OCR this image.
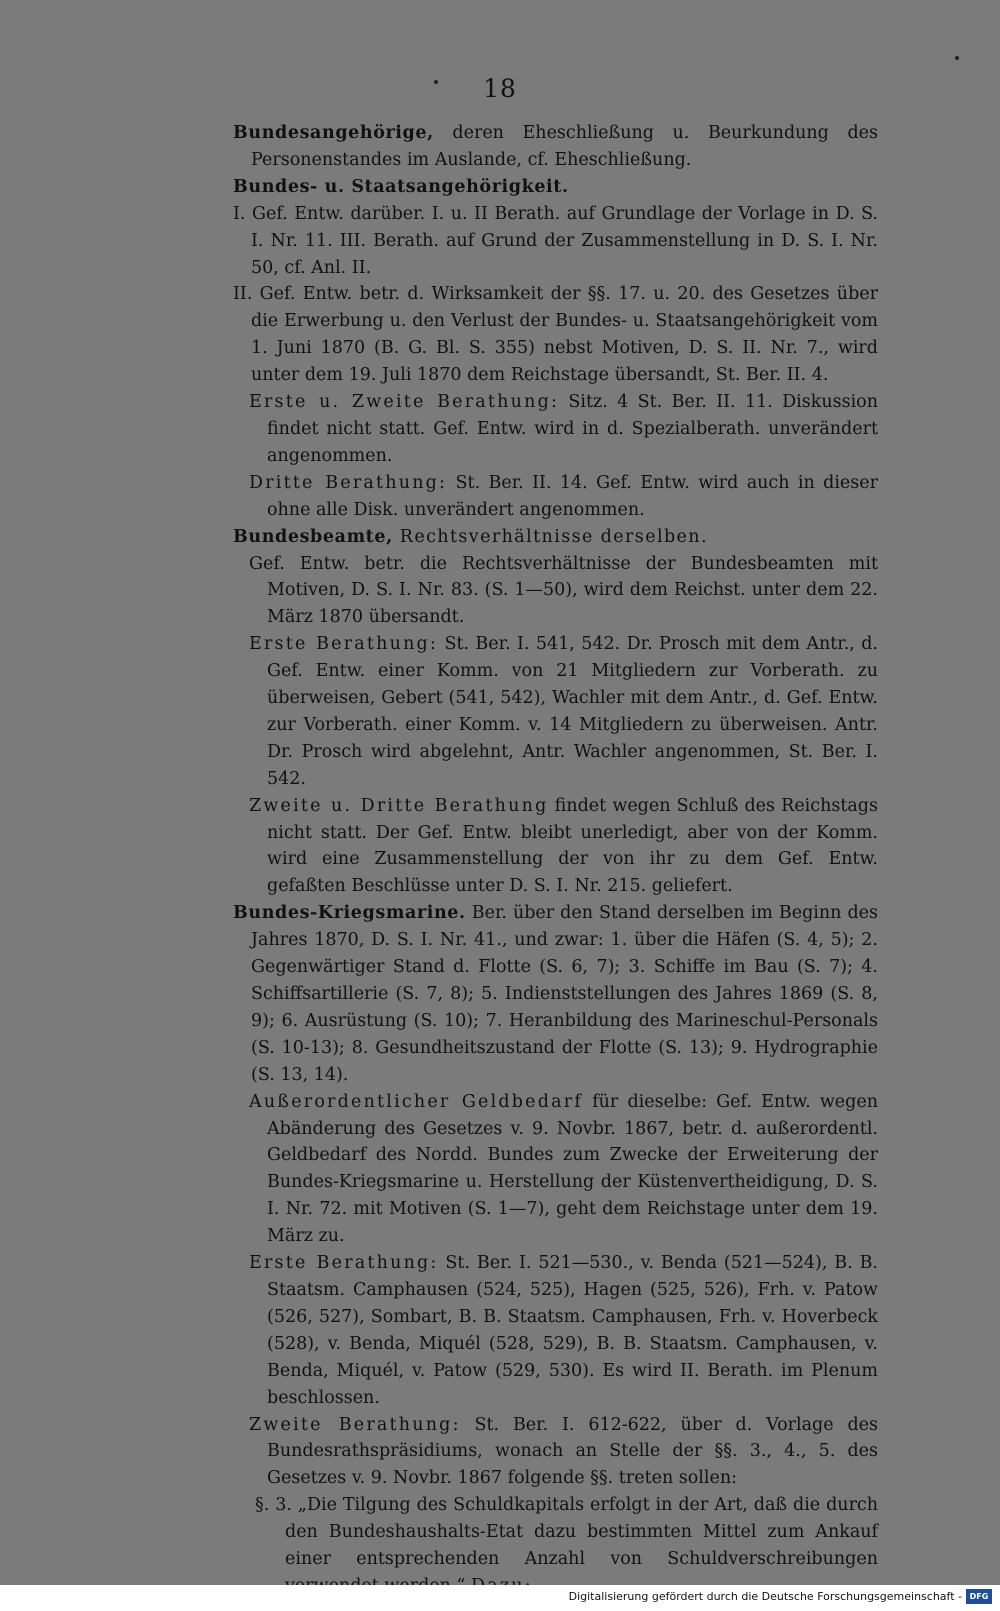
18

Bundesangehörige, deren Eheschließung u. Beurkundung des Personenstandes im Auslande, cf. Eheschließung.

Bundes- u. Staatsangehörigkeit.

I. Gef. Entw. darüber. I. u. II Berath. auf Grundlage der Vorlage in D. S. I. Nr. 11. III. Berath. auf Grund der Zusammenstellung in D. S. I. Nr. 50, cf. Anl. II.

II. Gef. Entw. betr. d. Wirksamkeit der §§. 17. u. 20. des Gesetzes über die Erwerbung u. den Verlust der Bundes- u. Staatsangehörigkeit vom 1. Juni 1870 (B. G. Bl. S. 355) nebst Motiven, D. S. II. Nr. 7., wird unter dem 19. Juli 1870 dem Reichstage übersandt, St. Ber. II. 4.

Erste u. Zweite Berathung: Sitz. 4 St. Ber. II. 11. Diskussion findet nicht statt. Gef. Entw. wird in d. Spezialberath. unverändert angenommen.

Dritte Berathung: St. Ber. II. 14. Gef. Entw. wird auch in dieser ohne alle Disk. unverändert angenommen.

Bundesbeamte, Rechtsverhältnisse derselben.

Gef. Entw. betr. die Rechtsverhältnisse der Bundesbeamten mit Motiven, D. S. I. Nr. 83. (S. 1—50), wird dem Reichst. unter dem 22. März 1870 übersandt.

Erste Berathung: St. Ber. I. 541, 542. Dr. Prosch mit dem Antr., d. Gef. Entw. einer Komm. von 21 Mitgliedern zur Vorberath. zu überweisen, Gebert (541, 542), Wachler mit dem Antr., d. Gef. Entw. zur Vorberath. einer Komm. v. 14 Mitgliedern zu überweisen. Antr. Dr. Prosch wird abgelehnt, Antr. Wachler angenommen, St. Ber. I. 542.

Zweite u. Dritte Berathung findet wegen Schluß des Reichstags nicht statt. Der Gef. Entw. bleibt unerledigt, aber von der Komm. wird eine Zusammenstellung der von ihr zu dem Gef. Entw. gefaßten Beschlüsse unter D. S. I. Nr. 215. geliefert.

Bundes-Kriegsmarine. Ber. über den Stand derselben im Beginn des Jahres 1870, D. S. I. Nr. 41., und zwar: 1. über die Häfen (S. 4, 5); 2. Gegenwärtiger Stand d. Flotte (S. 6, 7); 3. Schiffe im Bau (S. 7); 4. Schiffsartillerie (S. 7, 8); 5. Indienststellungen des Jahres 1869 (S. 8, 9); 6. Ausrüstung (S. 10); 7. Heranbildung des Marineschul-Personals (S. 10-13); 8. Gesundheitszustand der Flotte (S. 13); 9. Hydrographie (S. 13, 14).

Außerordentlicher Geldbedarf für dieselbe: Gef. Entw. wegen Abänderung des Gesetzes v. 9. Novbr. 1867, betr. d. außerordentl. Geldbedarf des Nordd. Bundes zum Zwecke der Erweiterung der Bundes-Kriegsmarine u. Herstellung der Küstenvertheidigung, D. S. I. Nr. 72. mit Motiven (S. 1—7), geht dem Reichstage unter dem 19. März zu.

Erste Berathung: St. Ber. I. 521—530., v. Benda (521—524), B. B. Staatsm. Camphausen (524, 525), Hagen (525, 526), Frh. v. Patow (526, 527), Sombart, B. B. Staatsm. Camphausen, Frh. v. Hoverbeck (528), v. Benda, Miquél (528, 529), B. B. Staatsm. Camphausen, v. Benda, Miquél, v. Patow (529, 530). Es wird II. Berath. im Plenum beschlossen.

Zweite Berathung: St. Ber. I. 612-622, über d. Vorlage des Bundesrathspräsidiums, wonach an Stelle der §§. 3., 4., 5. des Gesetzes v. 9. Novbr. 1867 folgende §§. treten sollen:

§. 3. „Die Tilgung des Schuldkapitals erfolgt in der Art, daß die durch den Bundeshaushalts-Etat dazu bestimmten Mittel zum Ankauf einer entsprechenden Anzahl von Schuldverschreibungen

Digitalisierung gefördert durch die Deutsche Forschungsgemeinschaft - DFG
